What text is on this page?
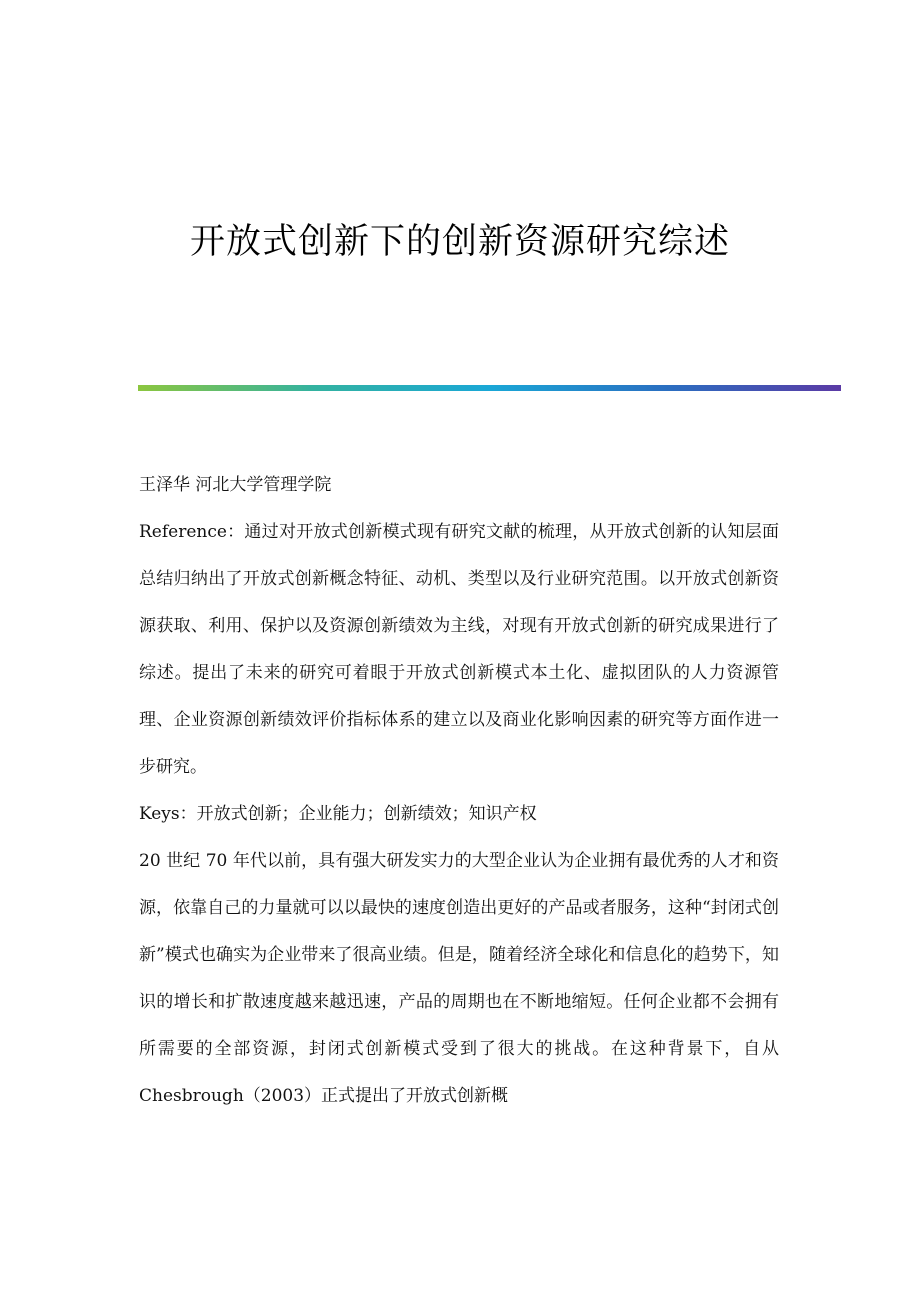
开放式创新下的创新资源研究综述

王泽华 河北大学管理学院

Reference：通过对开放式创新模式现有研究文献的梳理，从开放式创新的认知层面总结归纳出了开放式创新概念特征、动机、类型以及行业研究范围。以开放式创新资源获取、利用、保护以及资源创新绩效为主线，对现有开放式创新的研究成果进行了综述。提出了未来的研究可着眼于开放式创新模式本土化、虚拟团队的人力资源管理、企业资源创新绩效评价指标体系的建立以及商业化影响因素的研究等方面作进一步研究。

Keys：开放式创新；企业能力；创新绩效；知识产权

20 世纪 70 年代以前，具有强大研发实力的大型企业认为企业拥有最优秀的人才和资源，依靠自己的力量就可以以最快的速度创造出更好的产品或者服务，这种“封闭式创新”模式也确实为企业带来了很高业绩。但是，随着经济全球化和信息化的趋势下，知识的增长和扩散速度越来越迅速，产品的周期也在不断地缩短。任何企业都不会拥有所需要的全部资源，封闭式创新模式受到了很大的挑战。在这种背景下，自从 Chesbrough（2003）正式提出了开放式创新概
